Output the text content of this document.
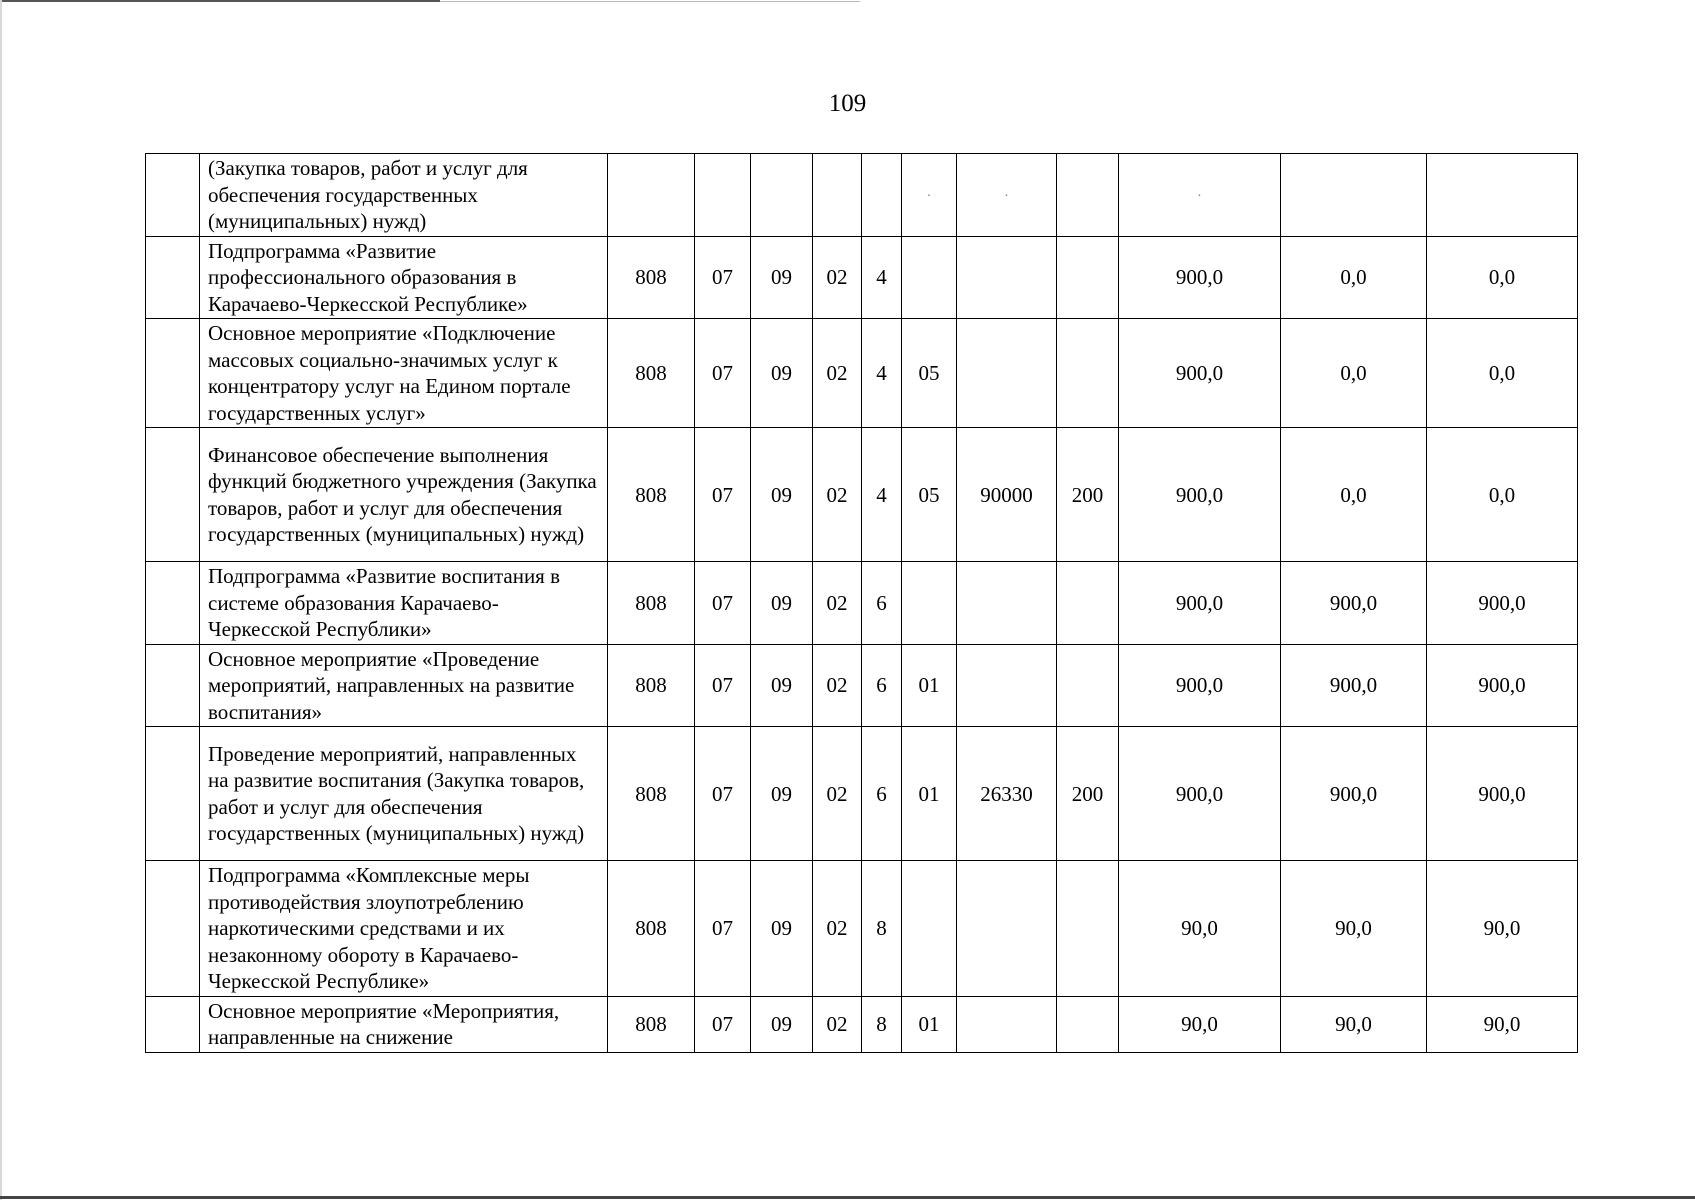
109
	(Закупка товаров, работ и услуг для обеспечения государственных (муниципальных) нужд)						·	·		·		
	Подпрограмма «Развитие профессионального образования в Карачаево-Черкесской Республике»	808	07	09	02	4				900,0	0,0	0,0
	Основное мероприятие «Подключение массовых социально-значимых услуг к концентратору услуг на Едином портале государственных услуг»	808	07	09	02	4	05			900,0	0,0	0,0
	Финансовое обеспечение выполнения функций бюджетного учреждения (Закупка товаров, работ и услуг для обеспечения государственных (муниципальных) нужд)	808	07	09	02	4	05	90000	200	900,0	0,0	0,0
	Подпрограмма «Развитие воспитания в системе образования Карачаево-Черкесской Республики»	808	07	09	02	6				900,0	900,0	900,0
	Основное мероприятие «Проведение мероприятий, направленных на развитие воспитания»	808	07	09	02	6	01			900,0	900,0	900,0
	Проведение мероприятий, направленных на развитие воспитания (Закупка товаров, работ и услуг для обеспечения государственных (муниципальных) нужд)	808	07	09	02	6	01	26330	200	900,0	900,0	900,0
	Подпрограмма «Комплексные меры противодействия злоупотреблению наркотическими средствами и их незаконному обороту в Карачаево-Черкесской Республике»	808	07	09	02	8				90,0	90,0	90,0
	Основное мероприятие «Мероприятия, направленные на снижение	808	07	09	02	8	01			90,0	90,0	90,0
